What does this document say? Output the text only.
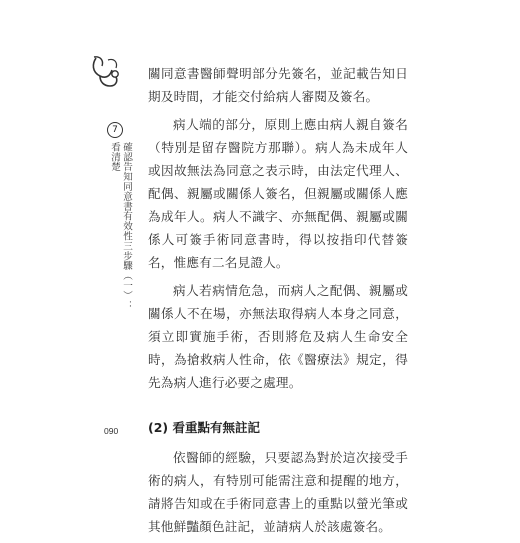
7
確認告知同意書有效性三步驟（一）：看清楚

關同意書醫師聲明部分先簽名，並記載告知日期及時間，才能交付給病人審閱及簽名。

病人端的部分，原則上應由病人親自簽名（特別是留存醫院方那聯）。病人為未成年人或因故無法為同意之表示時，由法定代理人、配偶、親屬或關係人簽名，但親屬或關係人應為成年人。病人不識字、亦無配偶、親屬或關係人可簽手術同意書時，得以按指印代替簽名，惟應有二名見證人。

病人若病情危急，而病人之配偶、親屬或關係人不在場，亦無法取得病人本身之同意，須立即實施手術，否則將危及病人生命安全時，為搶救病人性命，依《醫療法》規定，得先為病人進行必要之處理。

(2) 看重點有無註記

依醫師的經驗，只要認為對於這次接受手術的病人，有特別可能需注意和提醒的地方，請將告知或在手術同意書上的重點以螢光筆或其他鮮豔顏色註記，並請病人於該處簽名。

090
